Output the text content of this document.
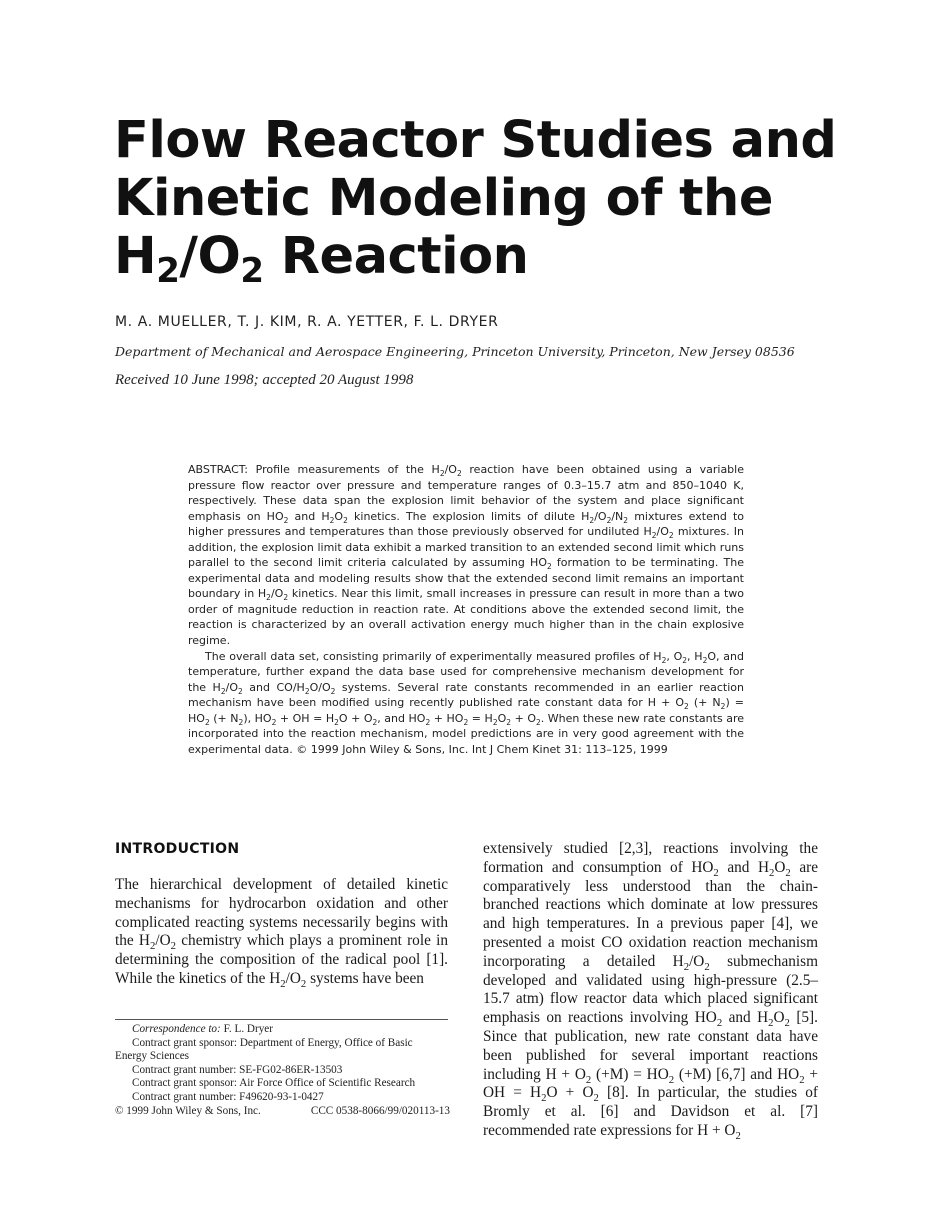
Flow Reactor Studies and
Kinetic Modeling of the
$H_2/O_2$ Reaction
M. A. MUELLER, T. J. KIM, R. A. YETTER, F. L. DRYER
Department of Mechanical and Aerospace Engineering, Princeton University, Princeton, New Jersey 08536
Received 10 June 1998; accepted 20 August 1998

ABSTRACT: Profile measurements of the $H_2/O_2$ reaction have been obtained using a variable pressure flow reactor over pressure and temperature ranges of 0.3–15.7 atm and 850–1040 K, respectively. These data span the explosion limit behavior of the system and place significant emphasis on $HO_2$ and $H_2O_2$ kinetics. The explosion limits of dilute $H_2/O_2/N_2$ mixtures extend to higher pressures and temperatures than those previously observed for undiluted $H_2/O_2$ mixtures. In addition, the explosion limit data exhibit a marked transition to an extended second limit which runs parallel to the second limit criteria calculated by assuming $HO_2$ formation to be terminating. The experimental data and modeling results show that the extended second limit remains an important boundary in $H_2/O_2$ kinetics. Near this limit, small increases in pressure can result in more than a two order of magnitude reduction in reaction rate. At conditions above the extended second limit, the reaction is characterized by an overall activation energy much higher than in the chain explosive regime.

The overall data set, consisting primarily of experimentally measured profiles of $H_2$, $O_2$, $H_2O$, and temperature, further expand the data base used for comprehensive mechanism development for the $H_2/O_2$ and $CO/H_2O/O_2$ systems. Several rate constants recommended in an earlier reaction mechanism have been modified using recently published rate constant data for $H + O_2$ (+ $N_2) = HO_2$ (+ $N_2$), $HO_2$ + OH = $H_2O + O_2$, and $HO_2 + HO_2 = H_2O_2 + O_2$. When these new rate constants are incorporated into the reaction mechanism, model predictions are in very good agreement with the experimental data. © 1999 John Wiley & Sons, Inc. Int J Chem Kinet 31: 113–125, 1999

INTRODUCTION

The hierarchical development of detailed kinetic mechanisms for hydrocarbon oxidation and other complicated reacting systems necessarily begins with the $H_2/O_2$ chemistry which plays a prominent role in determining the composition of the radical pool [1]. While the kinetics of the $H_2/O_2$ systems have been

Correspondence to: F. L. Dryer
Contract grant sponsor: Department of Energy, Office of Basic
Energy Sciences
Contract grant number: SE-FG02-86ER-13503
Contract grant sponsor: Air Force Office of Scientific Research
Contract grant number: F49620-93-1-0427
© 1999 John Wiley & Sons, Inc.	CCC 0538-8066/99/020113-13

extensively studied [2,3], reactions involving the formation and consumption of $HO_2$ and $H_2O_2$ are comparatively less understood than the chain-branched reactions which dominate at low pressures and high temperatures. In a previous paper [4], we presented a moist CO oxidation reaction mechanism incorporating a detailed $H_2/O_2$ submechanism developed and validated using high-pressure (2.5–15.7 atm) flow reactor data which placed significant emphasis on reactions involving $HO_2$ and $H_2O_2$ [5]. Since that publication, new rate constant data have been published for several important reactions including $H + O_2$ $(+M) = HO_2$ (+M) [6,7] and $HO_2$ + OH = $H_2O + O_2$ [8]. In particular, the studies of Bromly et al. [6] and Davidson et al. [7] recommended rate expressions for $H + O_2$
